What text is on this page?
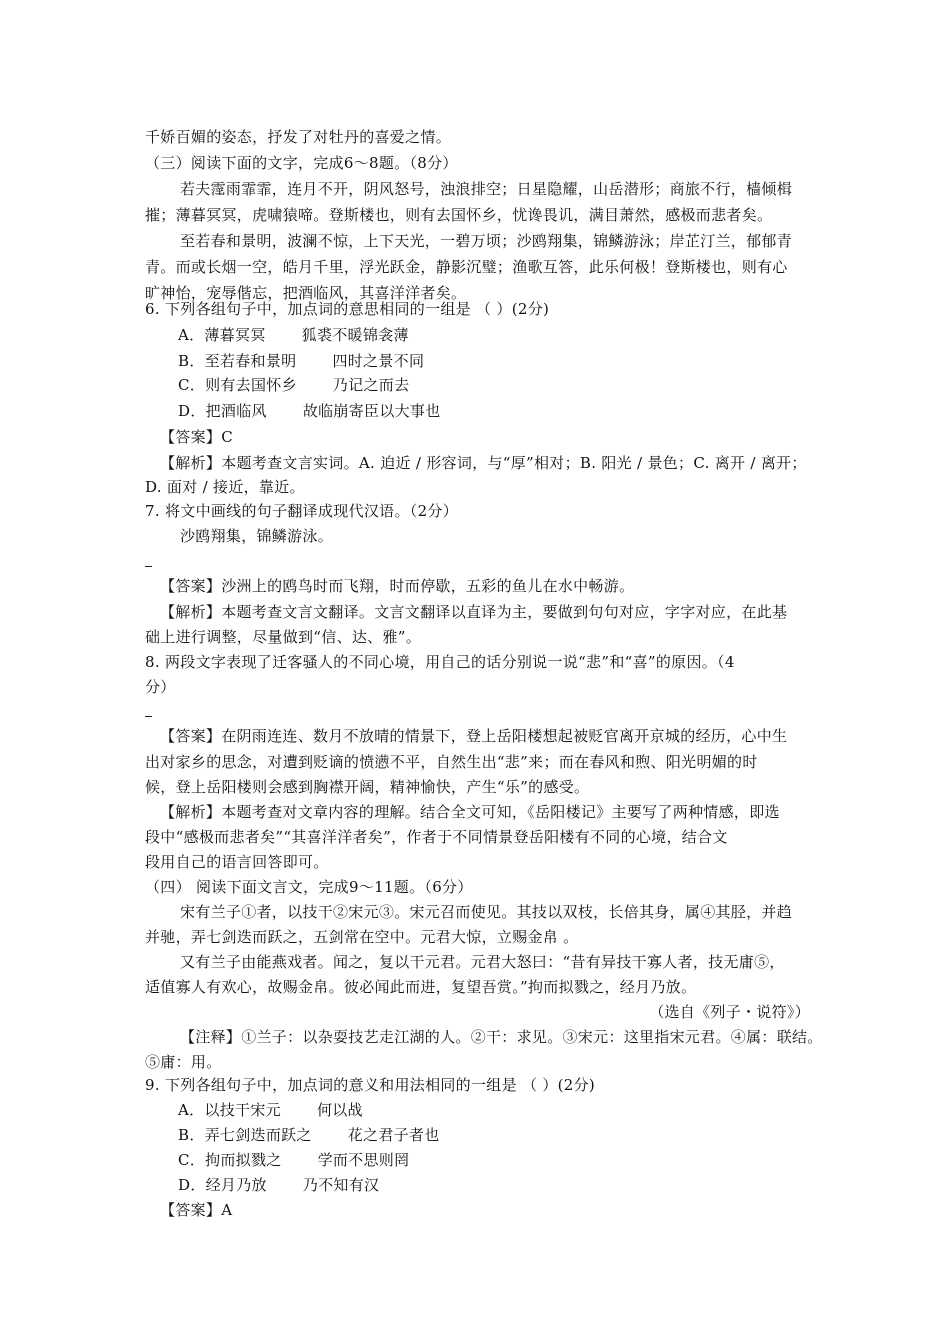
千娇百媚的姿态，抒发了对牡丹的喜爱之情。
（三）阅读下面的文字，完成6～8题。（8分）
若夫霪雨霏霏，连月不开，阴风怒号，浊浪排空；日星隐耀，山岳潜形；商旅不行，樯倾楫
摧；薄暮冥冥，虎啸猿啼。登斯楼也，则有去国怀乡，忧谗畏讥，满目萧然，感极而悲者矣。
至若春和景明，波澜不惊，上下天光，一碧万顷；沙鸥翔集，锦鳞游泳；岸芷汀兰，郁郁青
青。而或长烟一空，皓月千里，浮光跃金，静影沉璧；渔歌互答，此乐何极！登斯楼也，则有心
旷神怡，宠辱偕忘，把酒临风，其喜洋洋者矣。
6. 下列各组句子中，加点词的意思相同的一组是 （ ）(2分)
A．薄暮冥冥 狐裘不暖锦衾薄
B．至若春和景明 四时之景不同
C．则有去国怀乡 乃记之而去
D．把酒临风 故临崩寄臣以大事也
【答案】C
【解析】本题考查文言实词。A. 迫近 / 形容词，与“厚”相对；B. 阳光 / 景色；C. 离开 / 离开；
D. 面对 / 接近，靠近。
7. 将文中画线的句子翻译成现代汉语。（2分）
沙鸥翔集，锦鳞游泳。
【答案】沙洲上的鸥鸟时而飞翔，时而停歇，五彩的鱼儿在水中畅游。
【解析】本题考查文言文翻译。文言文翻译以直译为主，要做到句句对应，字字对应，在此基
础上进行调整，尽量做到“信、达、雅”。
8. 两段文字表现了迁客骚人的不同心境，用自己的话分别说一说“悲”和“喜”的原因。（4
分）
【答案】在阴雨连连、数月不放晴的情景下，登上岳阳楼想起被贬官离开京城的经历，心中生
出对家乡的思念，对遭到贬谪的愤懑不平，自然生出“悲”来；而在春风和煦、阳光明媚的时
候，登上岳阳楼则会感到胸襟开阔，精神愉快，产生“乐”的感受。
【解析】本题考查对文章内容的理解。结合全文可知，《岳阳楼记》主要写了两种情感，即选
段中“感极而悲者矣”“其喜洋洋者矣”，作者于不同情景登岳阳楼有不同的心境，结合文
段用自己的语言回答即可。
（四） 阅读下面文言文，完成9～11题。（6分）
宋有兰子①者，以技干②宋元③。宋元召而使见。其技以双枝，长倍其身，属④其胫，并趋
并驰，弄七剑迭而跃之，五剑常在空中。元君大惊，立赐金帛 。
又有兰子由能燕戏者。闻之，复以干元君。元君大怒曰：“昔有异技干寡人者，技无庸⑤，
适值寡人有欢心，故赐金帛。彼必闻此而进，复望吾赏。”拘而拟戮之，经月乃放。
（选自《列子・说符》）
【注释】①兰子：以杂耍技艺走江湖的人。②干：求见。③宋元：这里指宋元君。④属：联结。
⑤庸：用。
9. 下列各组句子中，加点词的意义和用法相同的一组是 （ ）(2分)
A．以技干宋元 何以战
B．弄七剑迭而跃之 花之君子者也
C．拘而拟戮之 学而不思则罔
D．经月乃放 乃不知有汉
【答案】A
